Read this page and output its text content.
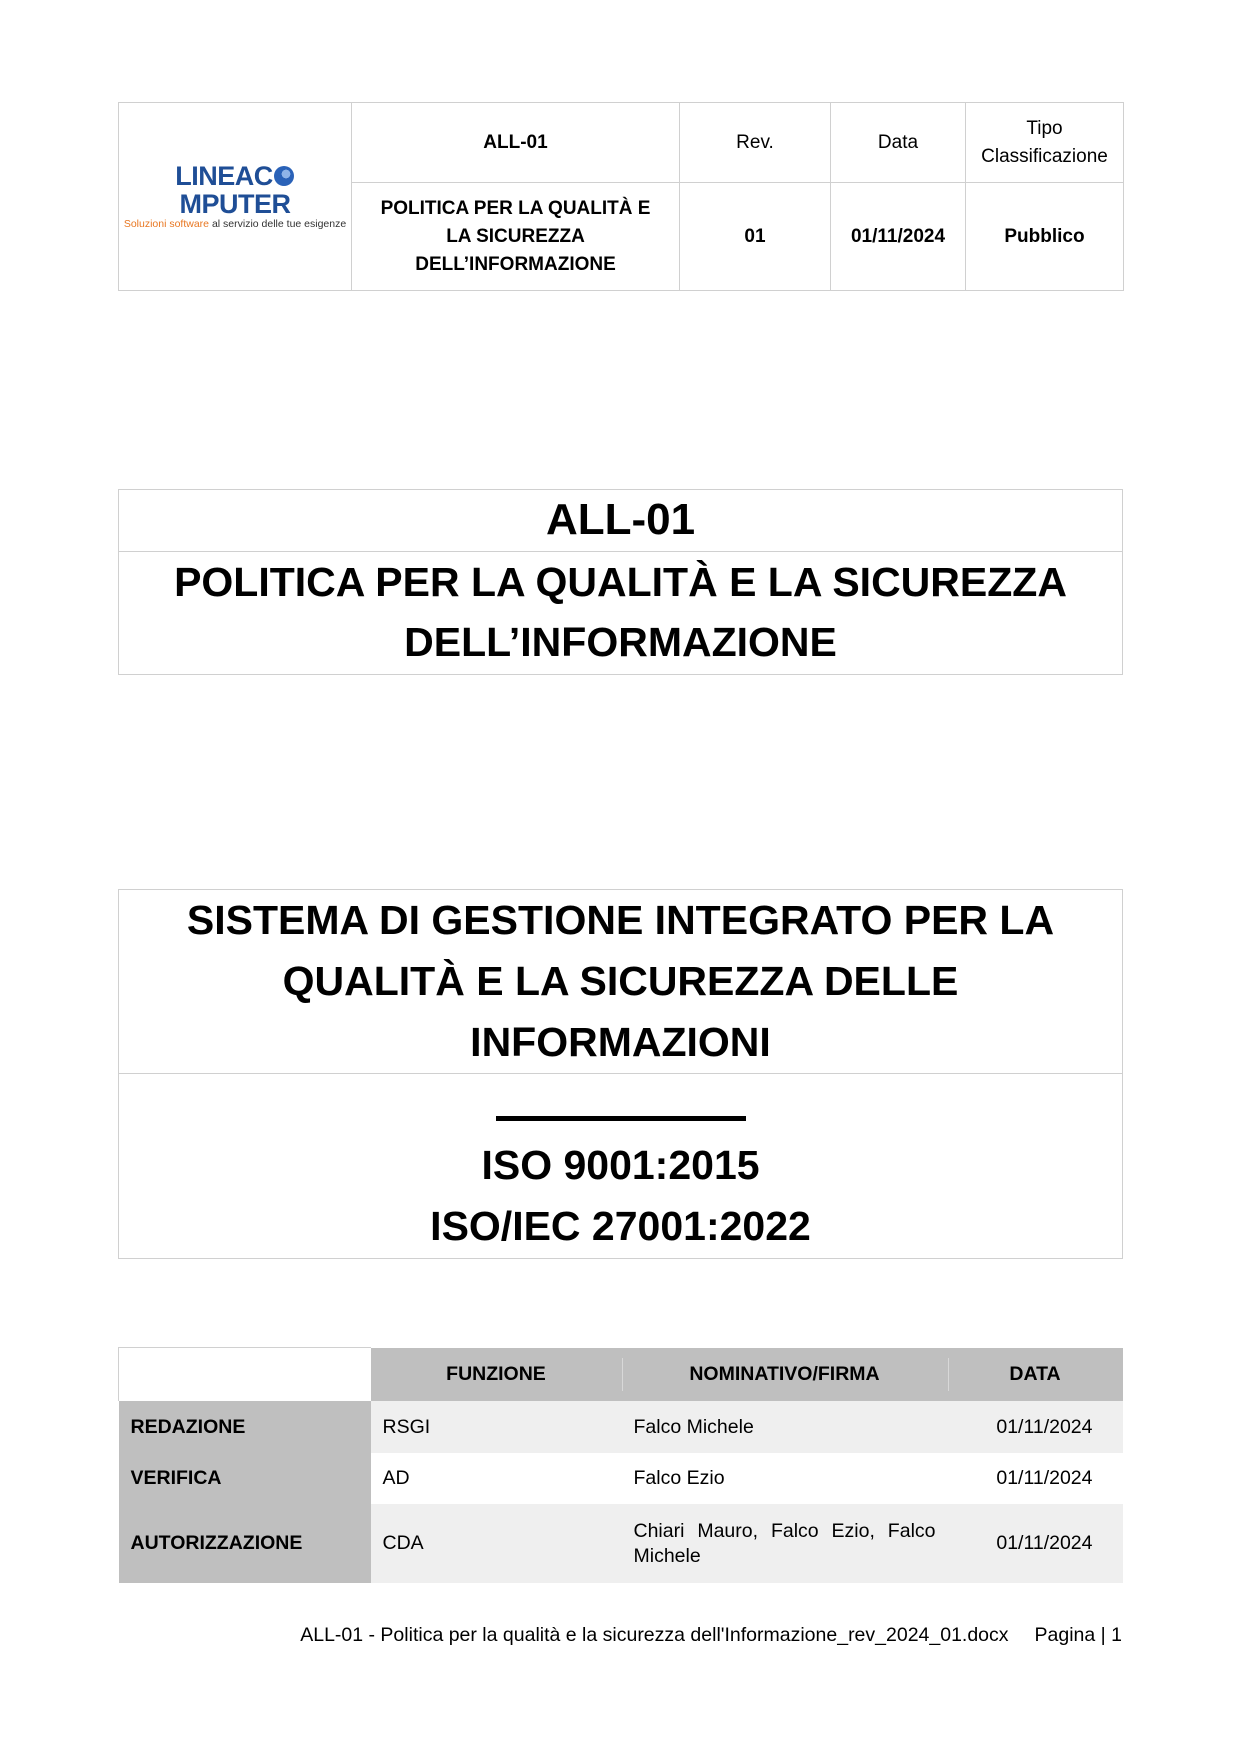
LINEACMPUTER
Soluzioni software al servizio delle tue esigenze	ALL-01	Rev.	Data	Tipo Classificazione
	POLITICA PER LA QUALITÀ E LA SICUREZZA DELL’INFORMAZIONE	01	01/11/2024	Pubblico
ALL-01
POLITICA PER LA QUALITÀ E LA SICUREZZA DELL’INFORMAZIONE
SISTEMA DI GESTIONE INTEGRATO PER LA QUALITÀ E LA SICUREZZA DELLE INFORMAZIONI
ISO 9001:2015
ISO/IEC 27001:2022
	FUNZIONE	NOMINATIVO/FIRMA	DATA
REDAZIONE	RSGI	Falco Michele	01/11/2024
VERIFICA	AD	Falco Ezio	01/11/2024
AUTORIZZAZIONE	CDA	Chiari Mauro, Falco Ezio, Falco Michele	01/11/2024
ALL-01 - Politica per la qualità e la sicurezza dell'Informazione_rev_2024_01.docx Pagina | 1
